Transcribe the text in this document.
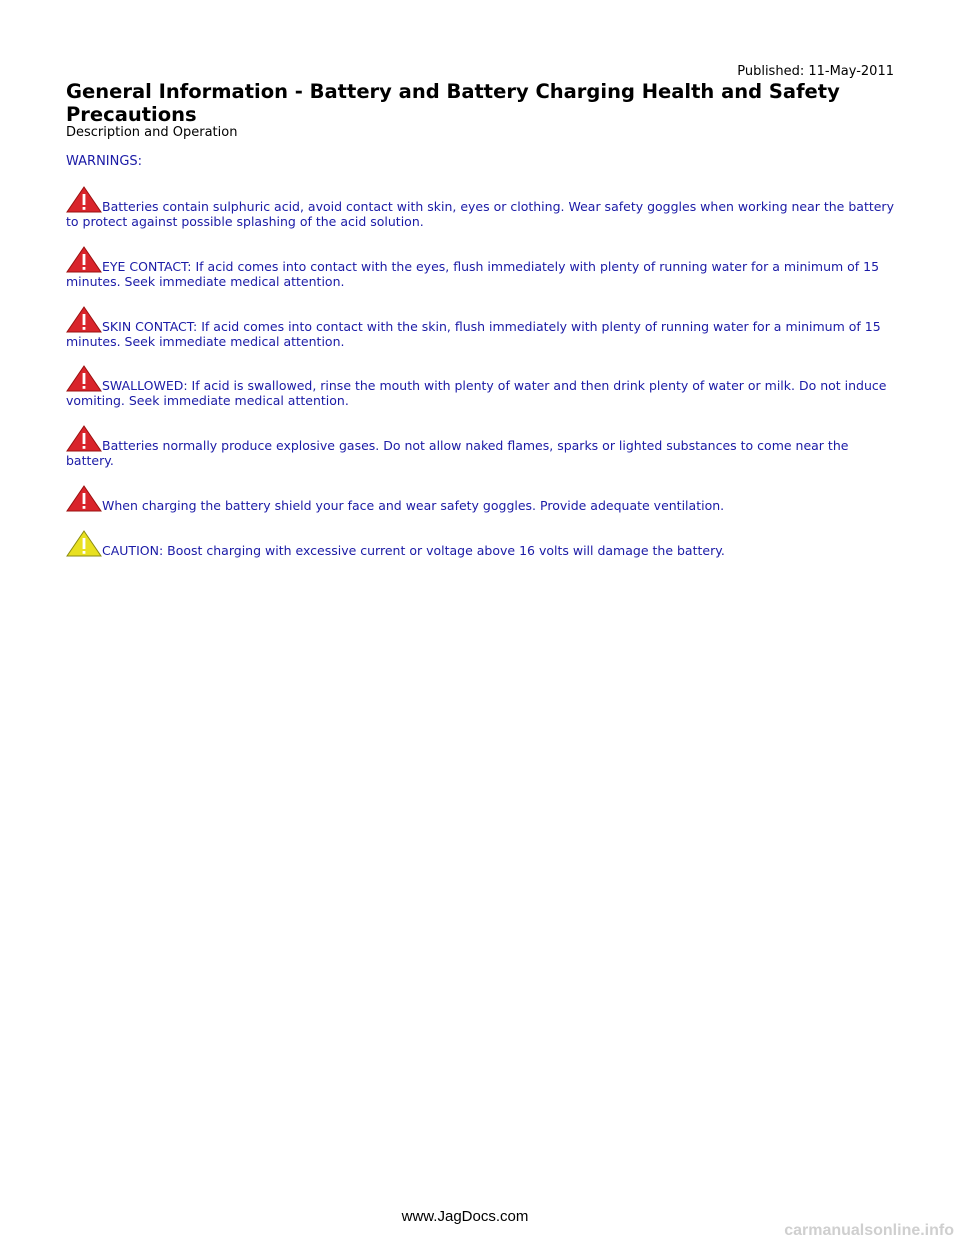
Published: 11-May-2011
General Information - Battery and Battery Charging Health and Safety Precautions
Description and Operation
WARNINGS:
Batteries contain sulphuric acid, avoid contact with skin, eyes or clothing. Wear safety goggles when working near the battery to protect against possible splashing of the acid solution.
EYE CONTACT: If acid comes into contact with the eyes, flush immediately with plenty of running water for a minimum of 15 minutes. Seek immediate medical attention.
SKIN CONTACT: If acid comes into contact with the skin, flush immediately with plenty of running water for a minimum of 15 minutes. Seek immediate medical attention.
SWALLOWED: If acid is swallowed, rinse the mouth with plenty of water and then drink plenty of water or milk. Do not induce vomiting. Seek immediate medical attention.
Batteries normally produce explosive gases. Do not allow naked flames, sparks or lighted substances to come near the battery.
When charging the battery shield your face and wear safety goggles. Provide adequate ventilation.
CAUTION: Boost charging with excessive current or voltage above 16 volts will damage the battery.
www.JagDocs.com
carmanualsonline.info
